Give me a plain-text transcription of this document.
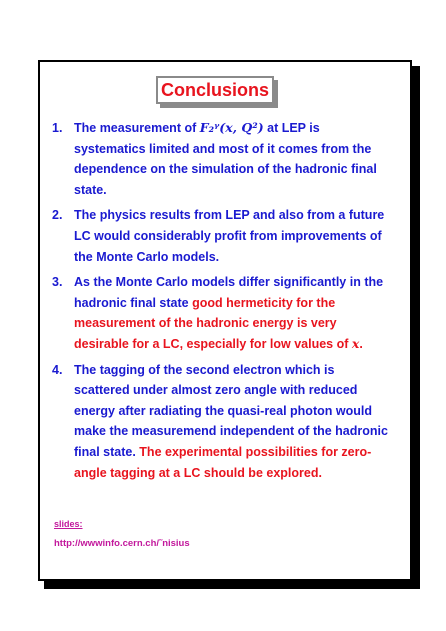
Conclusions
1. The measurement of F₂ᵞ(x, Q²) at LEP is systematics limited and most of it comes from the dependence on the simulation of the hadronic final state.
2. The physics results from LEP and also from a future LC would considerably profit from improvements of the Monte Carlo models.
3. As the Monte Carlo models differ significantly in the hadronic final state good hermeticity for the measurement of the hadronic energy is very desirable for a LC, especially for low values of x.
4. The tagging of the second electron which is scattered under almost zero angle with reduced energy after radiating the quasi-real photon would make the measuremend independent of the hadronic final state. The experimental possibilities for zero-angle tagging at a LC should be explored.
slides:
http://wwwinfo.cern.ch/˜nisius
